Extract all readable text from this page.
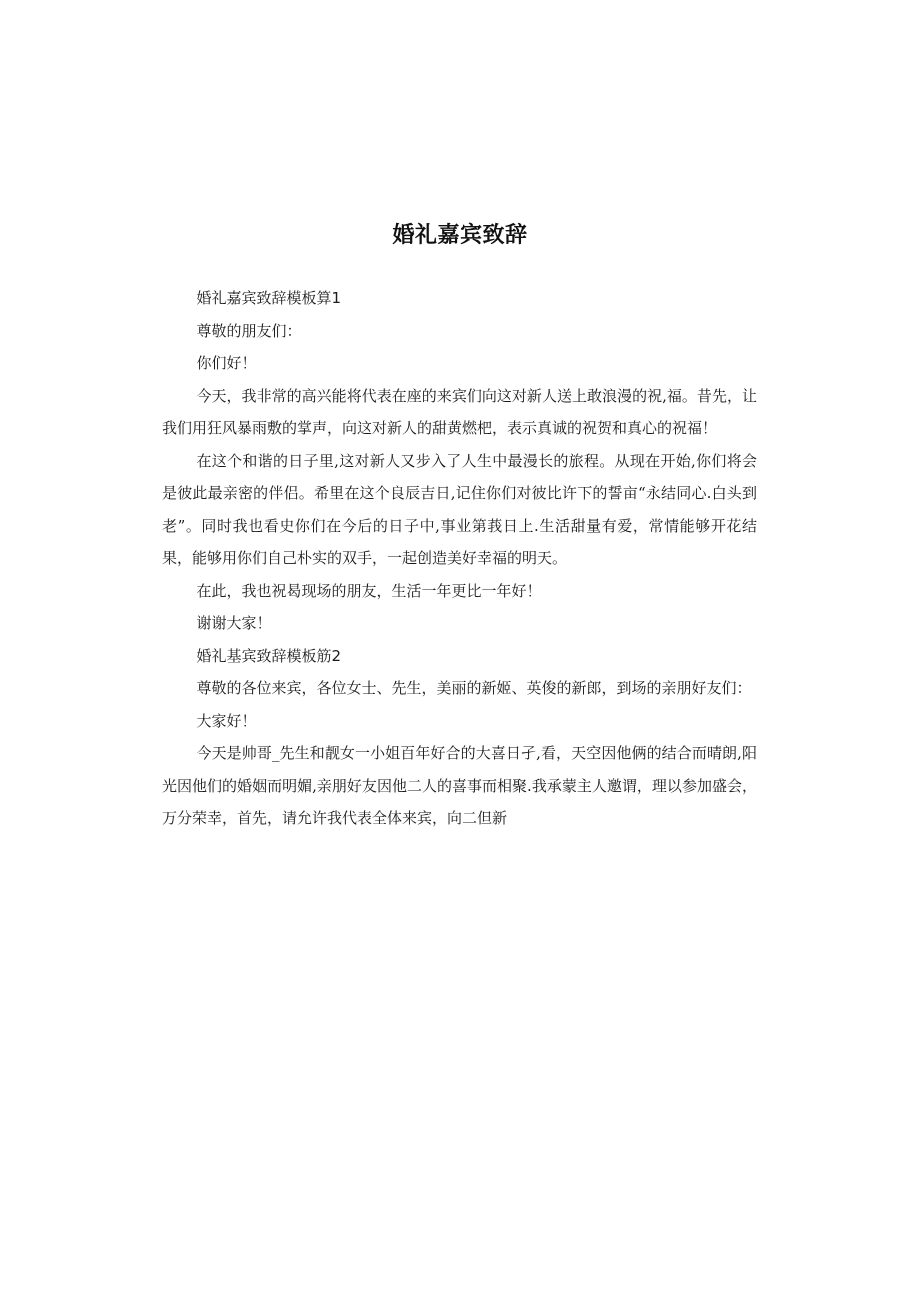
婚礼嘉宾致辞

婚礼嘉宾致辞模板算1

尊敬的朋友们：

你们好！

今天，我非常的高兴能将代表在座的来宾们向这对新人送上敢浪漫的祝,福。昔先，让我们用狂风暴雨敷的掌声，向这对新人的甜黄燃杷，表示真诚的祝贺和真心的祝福！

在这个和谐的日子里,这对新人又步入了人生中最漫长的旅程。从现在开始,你们将会是彼此最亲密的伴侣。希里在这个良辰吉日,记住你们对彼比许下的誓亩“永结同心.白头到老”。同时我也看史你们在今后的日子中,事业第莪日上.生活甜量有爱，常情能够开花结果，能够用你们自己朴实的双手，一起创造美好幸福的明天。

在此，我也祝曷现场的朋友，生活一年更比一年好！

谢谢大家！

婚礼基宾致辞模板筋2

尊敬的各位来宾，各位女士、先生，美丽的新姬、英俊的新郎，到场的亲朋好友们：

大家好！

今天是帅哥_先生和靓女一小姐百年好合的大喜日孑,看，天空因他俩的结合而晴朗,阳光因他们的婚姻而明媚,亲朋好友因他二人的喜事而相聚.我承蒙主人邀谓，理以参加盛会，万分荣幸，首先，请允许我代表全体来宾，向二但新
